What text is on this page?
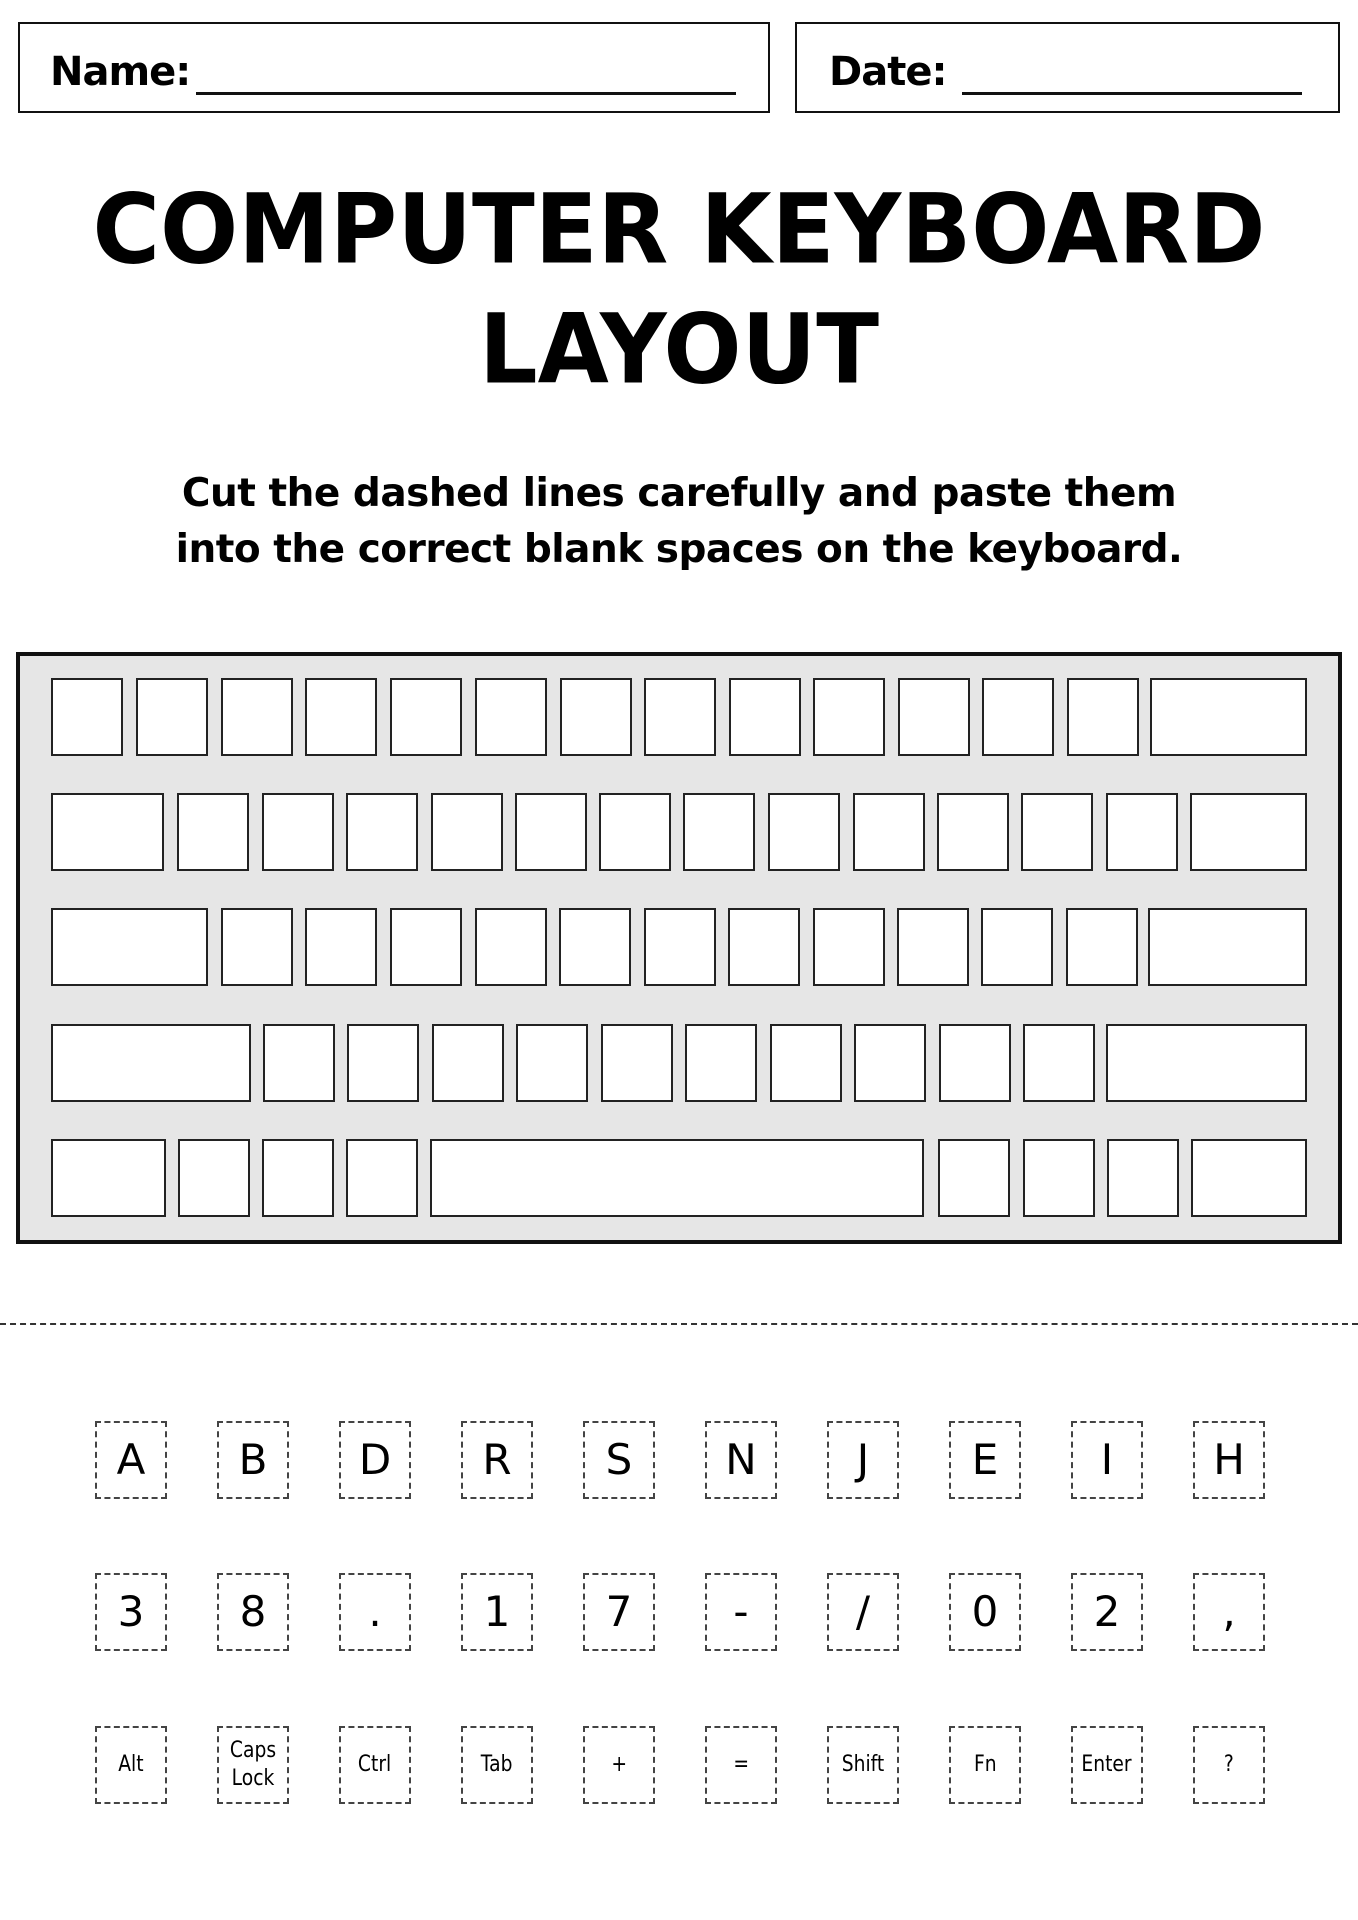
Name:	Date:
COMPUTER KEYBOARD
LAYOUT
Cut the dashed lines carefully and paste them
into the correct blank spaces on the keyboard.
A B D R S N J E I H
3 8 . 1 7 -	/ 0 2 ,
Alt
Caps Lock
Ctrl	Tab	+	=	Shift	Fn	Enter	?
